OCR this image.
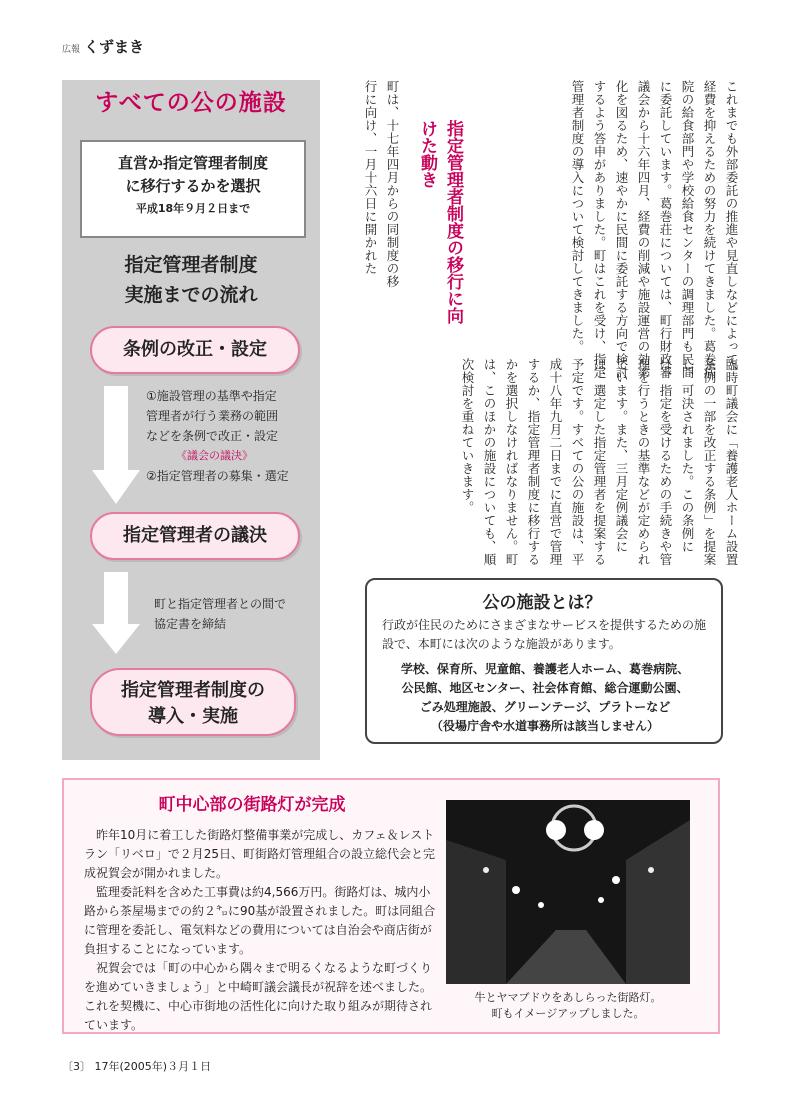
広報 くずまき
すべての公の施設
直営か指定管理者制度
に移行するかを選択
平成18年９月２日まで
指定管理者制度
実施までの流れ
条例の改正・設定
①施設管理の基準や指定
管理者が行う業務の範囲
などを条例で改正・設定
《議会の議決》
②指定管理者の募集・選定
指定管理者の議決
町と指定管理者との間で
協定書を締結
指定管理者制度の
導入・実施
これまでも外部委託の推進や見直しなどによって、経費を抑えるための努力を続けてきました。葛巻病院の給食部門や学校給食センターの調理部門も民間に委託しています。葛巻荘については、町行財政審議会から十六年四月、経費の削減や施設運営の効率化を図るため、速やかに民間に委託する方向で検討するよう答申がありました。町はこれを受け、指定管理者制度の導入について検討してきました。
臨時町議会に「養護老人ホーム設置条例の一部を改正する条例」を提案し、可決されました。この条例には、指定を受けるための手続きや管理を行うときの基準などが定められています。また、三月定例議会には、選定した指定管理者を提案する予定です。すべての公の施設は、平成十八年九月二日までに直営で管理するか、指定管理者制度に移行するかを選択しなければなりません。町は、このほかの施設についても、順次検討を重ねていきます。
指定管理者制度の移行に向けた動き
町は、十七年四月からの同制度の移行に向け、一月十六日に開かれた
公の施設とは？
行政が住民のためにさまざまなサービスを提供するための施設で、本町には次のような施設があります。
学校、保育所、児童館、養護老人ホーム、葛巻病院、
公民館、地区センター、社会体育館、総合運動公園、
ごみ処理施設、グリーンテージ、プラトーなど
（役場庁舎や水道事務所は該当しません）
町中心部の街路灯が完成
昨年10月に着工した街路灯整備事業が完成し、カフェ＆レストラン「リベロ」で２月25日、町街路灯管理組合の設立総代会と完成祝賀会が開かれました。
監理委託料を含めた工事費は約4,566万円。街路灯は、城内小路から茶屋場までの約２㌔に90基が設置されました。町は同組合に管理を委託し、電気料などの費用については自治会や商店街が負担することになっています。
祝賀会では「町の中心から隅々まで明るくなるような町づくりを進めていきましょう」と中崎町議会議長が祝辞を述べました。これを契機に、中心市街地の活性化に向けた取り組みが期待されています。
牛とヤマブドウをあしらった街路灯。
町もイメージアップしました。
〔3〕 17年(2005年)３月１日
